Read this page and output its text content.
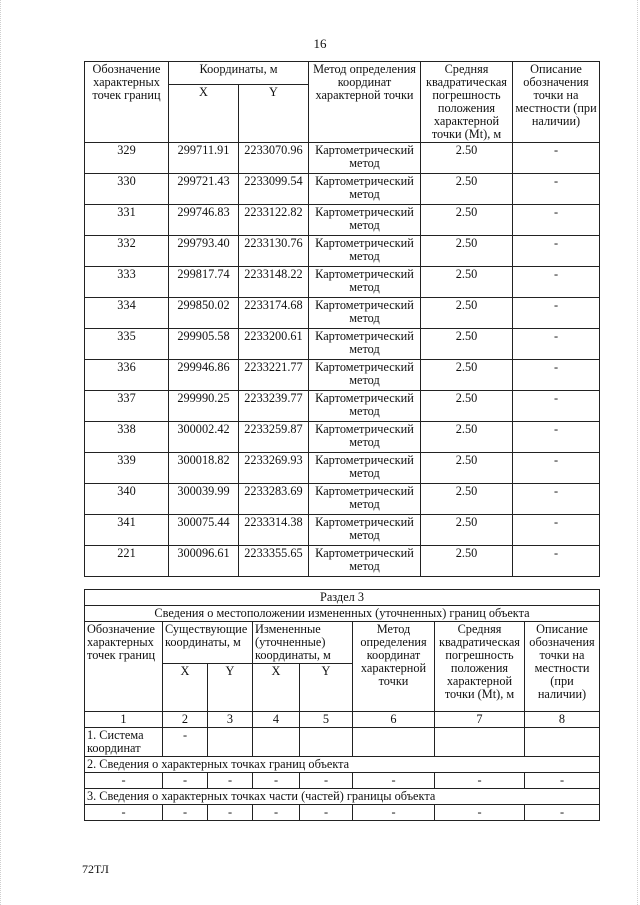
16
Обозначение характерных точек границ	Координаты, м		Метод определения координат характерной точки	Средняя квадратическая погрешность положения характерной точки (Mt), м	Описание обозначения точки на местности (при наличии)
	X	Y			
329	299711.91	2233070.96	Картометрический метод	2.50	-
330	299721.43	2233099.54	Картометрический метод	2.50	-
331	299746.83	2233122.82	Картометрический метод	2.50	-
332	299793.40	2233130.76	Картометрический метод	2.50	-
333	299817.74	2233148.22	Картометрический метод	2.50	-
334	299850.02	2233174.68	Картометрический метод	2.50	-
335	299905.58	2233200.61	Картометрический метод	2.50	-
336	299946.86	2233221.77	Картометрический метод	2.50	-
337	299990.25	2233239.77	Картометрический метод	2.50	-
338	300002.42	2233259.87	Картометрический метод	2.50	-
339	300018.82	2233269.93	Картометрический метод	2.50	-
340	300039.99	2233283.69	Картометрический метод	2.50	-
341	300075.44	2233314.38	Картометрический метод	2.50	-
221	300096.61	2233355.65	Картометрический метод	2.50	-
Раздел 3							
Сведения о местоположении измененных (уточненных) границ объекта							
Обозначение характерных точек границ	Существующие координаты, м		Измененные (уточненные) координаты, м		Метод определения координат характерной точки	Средняя квадратическая погрешность положения характерной точки (Mt), м	Описание обозначения точки на местности (при наличии)
	X	Y	X	Y			
1	2	3	4	5	6	7	8
1. Система координат	-						
2. Сведения о характерных точках границ объекта							
-	-	-	-	-	-	-	-
3. Сведения о характерных точках части (частей) границы объекта							
-	-	-	-	-	-	-	-
72ТЛ
